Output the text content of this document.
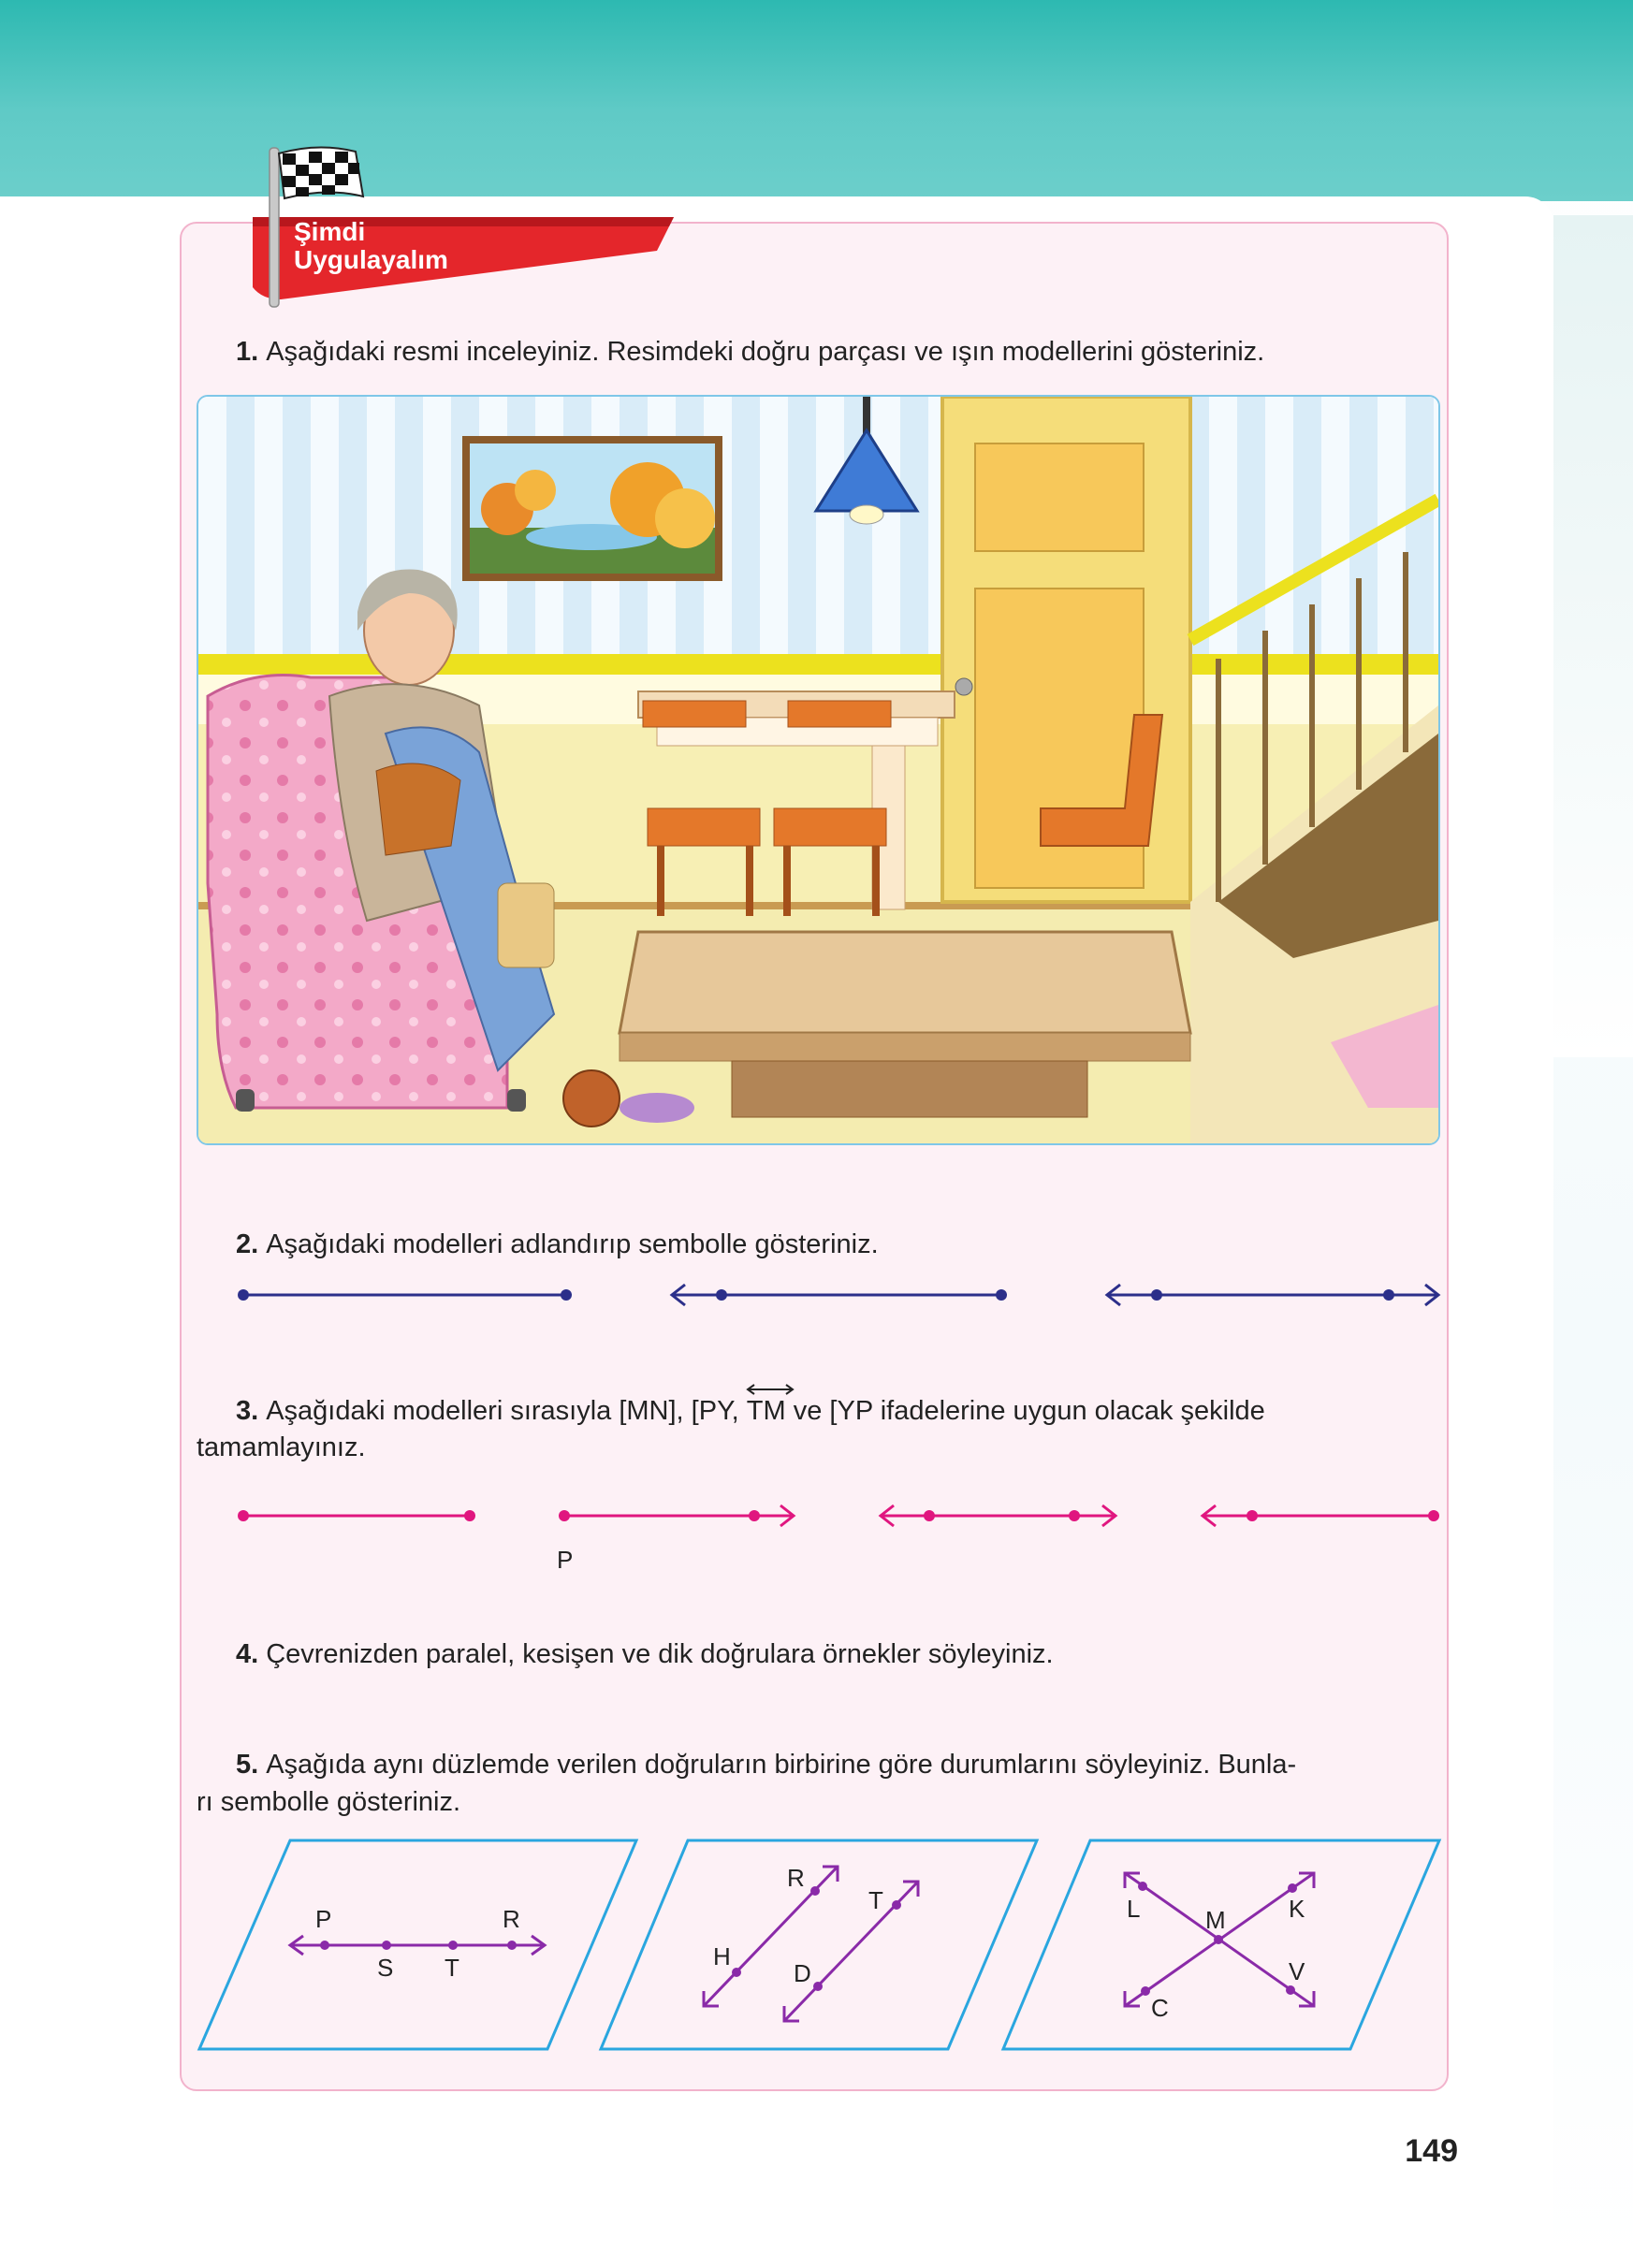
Şimdi
Uygulayalım
1. Aşağıdaki resmi inceleyiniz. Resimdeki doğru parçası ve ışın modellerini gösteriniz.
2. Aşağıdaki modelleri adlandırıp sembolle gösteriniz.
3. Aşağıdaki modelleri sırasıyla [MN], [PY,
TM ve [YP ifadelerine uygun olacak şekilde
tamamlayınız.
P
4. Çevrenizden paralel, kesişen ve dik doğrulara örnekler söyleyiniz.
5. Aşağıda aynı düzlemde verilen doğruların birbirine göre durumlarını söyleyiniz. Bunla-
rı sembolle gösteriniz.
P
S T
R
R
T
H
D
L	M	K
C
V
149
